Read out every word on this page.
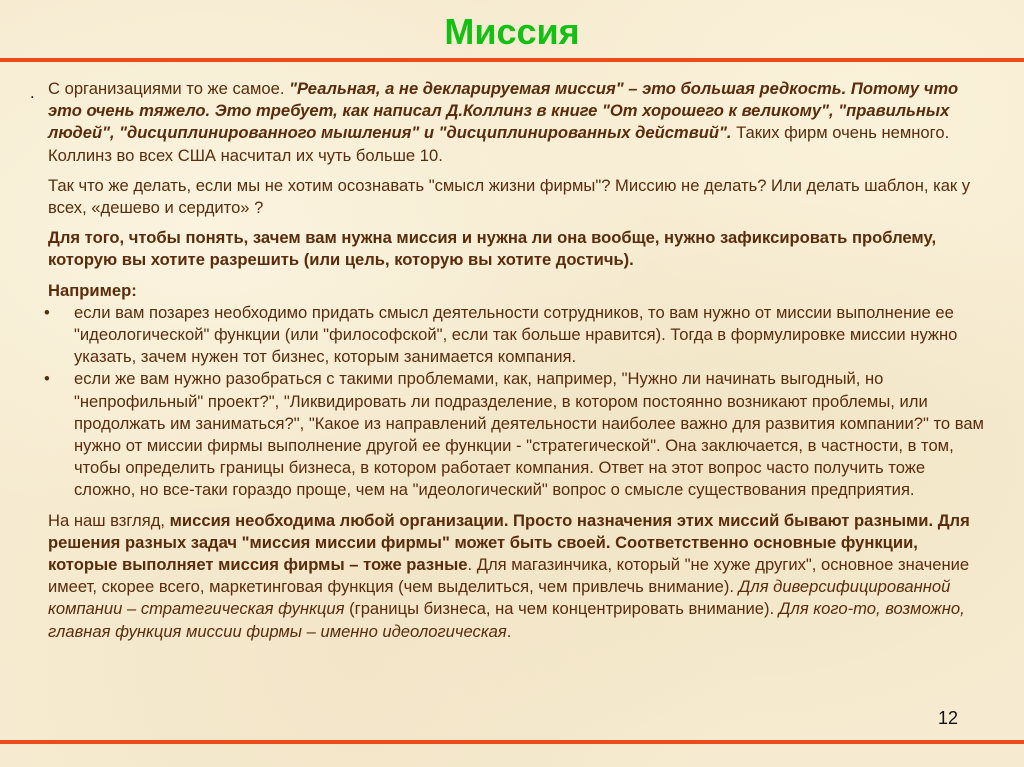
Миссия
. С организациями то же самое. "Реальная, а не декларируемая миссия" – это большая редкость. Потому что это очень тяжело. Это требует, как написал Д.Коллинз в книге "От хорошего к великому", "правильных людей", "дисциплинированного мышления" и "дисциплинированных действий". Таких фирм очень немного. Коллинз во всех США насчитал их чуть больше 10.

Так что же делать, если мы не хотим осознавать "смысл жизни фирмы"? Миссию не делать? Или делать шаблон, как у всех, «дешево и сердито» ?

Для того, чтобы понять, зачем вам нужна миссия и нужна ли она вообще, нужно зафиксировать проблему, которую вы хотите разрешить (или цель, которую вы хотите достичь).

Например:

• если вам позарез необходимо придать смысл деятельности сотрудников, то вам нужно от миссии выполнение ее "идеологической" функции (или "философской", если так больше нравится). Тогда в формулировке миссии нужно указать, зачем нужен тот бизнес, которым занимается компания.
• если же вам нужно разобраться с такими проблемами, как, например, "Нужно ли начинать выгодный, но "непрофильный" проект?", "Ликвидировать ли подразделение, в котором постоянно возникают проблемы, или продолжать им заниматься?", "Какое из направлений деятельности наиболее важно для развития компании?" то вам нужно от миссии фирмы выполнение другой ее функции - "стратегической". Она заключается, в частности, в том, чтобы определить границы бизнеса, в котором работает компания. Ответ на этот вопрос часто получить тоже сложно, но все-таки гораздо проще, чем на "идеологический" вопрос о смысле существования предприятия.

На наш взгляд, миссия необходима любой организации. Просто назначения этих миссий бывают разными. Для решения разных задач "миссия миссии фирмы" может быть своей. Соответственно основные функции, которые выполняет миссия фирмы – тоже разные. Для магазинчика, который "не хуже других", основное значение имеет, скорее всего, маркетинговая функция (чем выделиться, чем привлечь внимание). Для диверсифицированной компании – стратегическая функция (границы бизнеса, на чем концентрировать внимание). Для кого-то, возможно, главная функция миссии фирмы – именно идеологическая.

12
